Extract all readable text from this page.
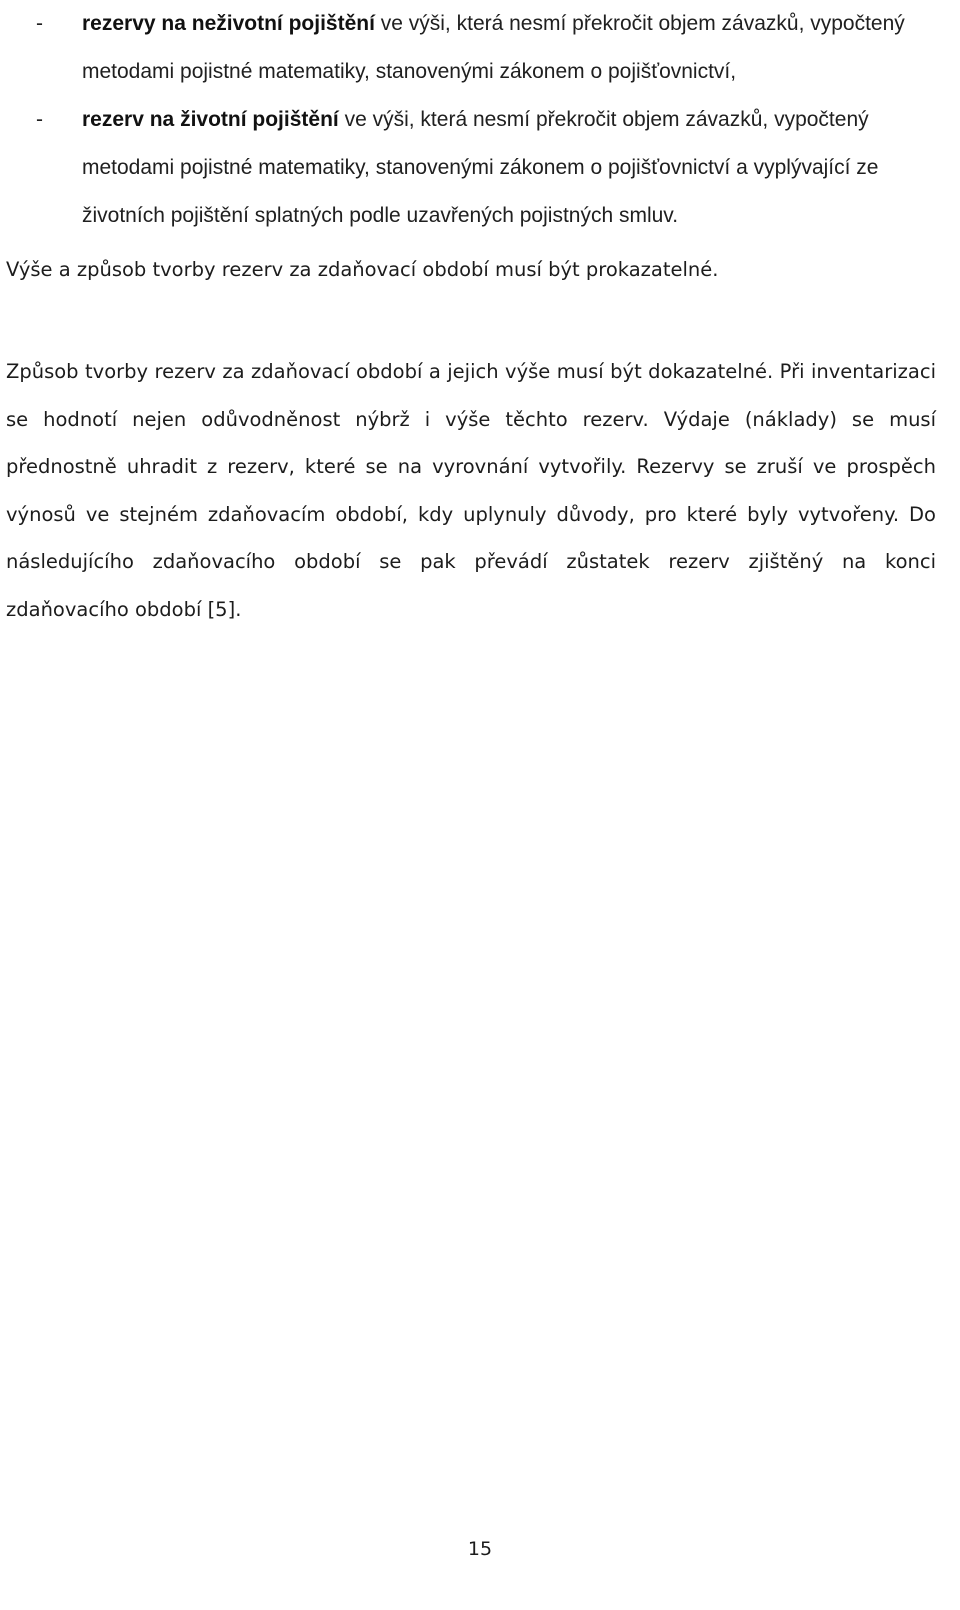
-	rezervy na neživotní pojištění ve výši, která nesmí překročit objem závazků, vypočtený metodami pojistné matematiky, stanovenými zákonem o pojišťovnictví,
-	rezerv na životní pojištění ve výši, která nesmí překročit objem závazků, vypočtený metodami pojistné matematiky, stanovenými zákonem o pojišťovnictví a vyplývající ze životních pojištění splatných podle uzavřených pojistných smluv.

Výše a způsob tvorby rezerv za zdaňovací období musí být prokazatelné.

Způsob tvorby rezerv za zdaňovací období a jejich výše musí být dokazatelné. Při inventarizaci se hodnotí nejen odůvodněnost nýbrž i výše těchto rezerv. Výdaje (náklady) se musí přednostně uhradit z rezerv, které se na vyrovnání vytvořily. Rezervy se zruší ve prospěch výnosů ve stejném zdaňovacím období, kdy uplynuly důvody, pro které byly vytvořeny. Do následujícího zdaňovacího období se pak převádí zůstatek rezerv zjištěný na konci zdaňovacího období [5].

15
